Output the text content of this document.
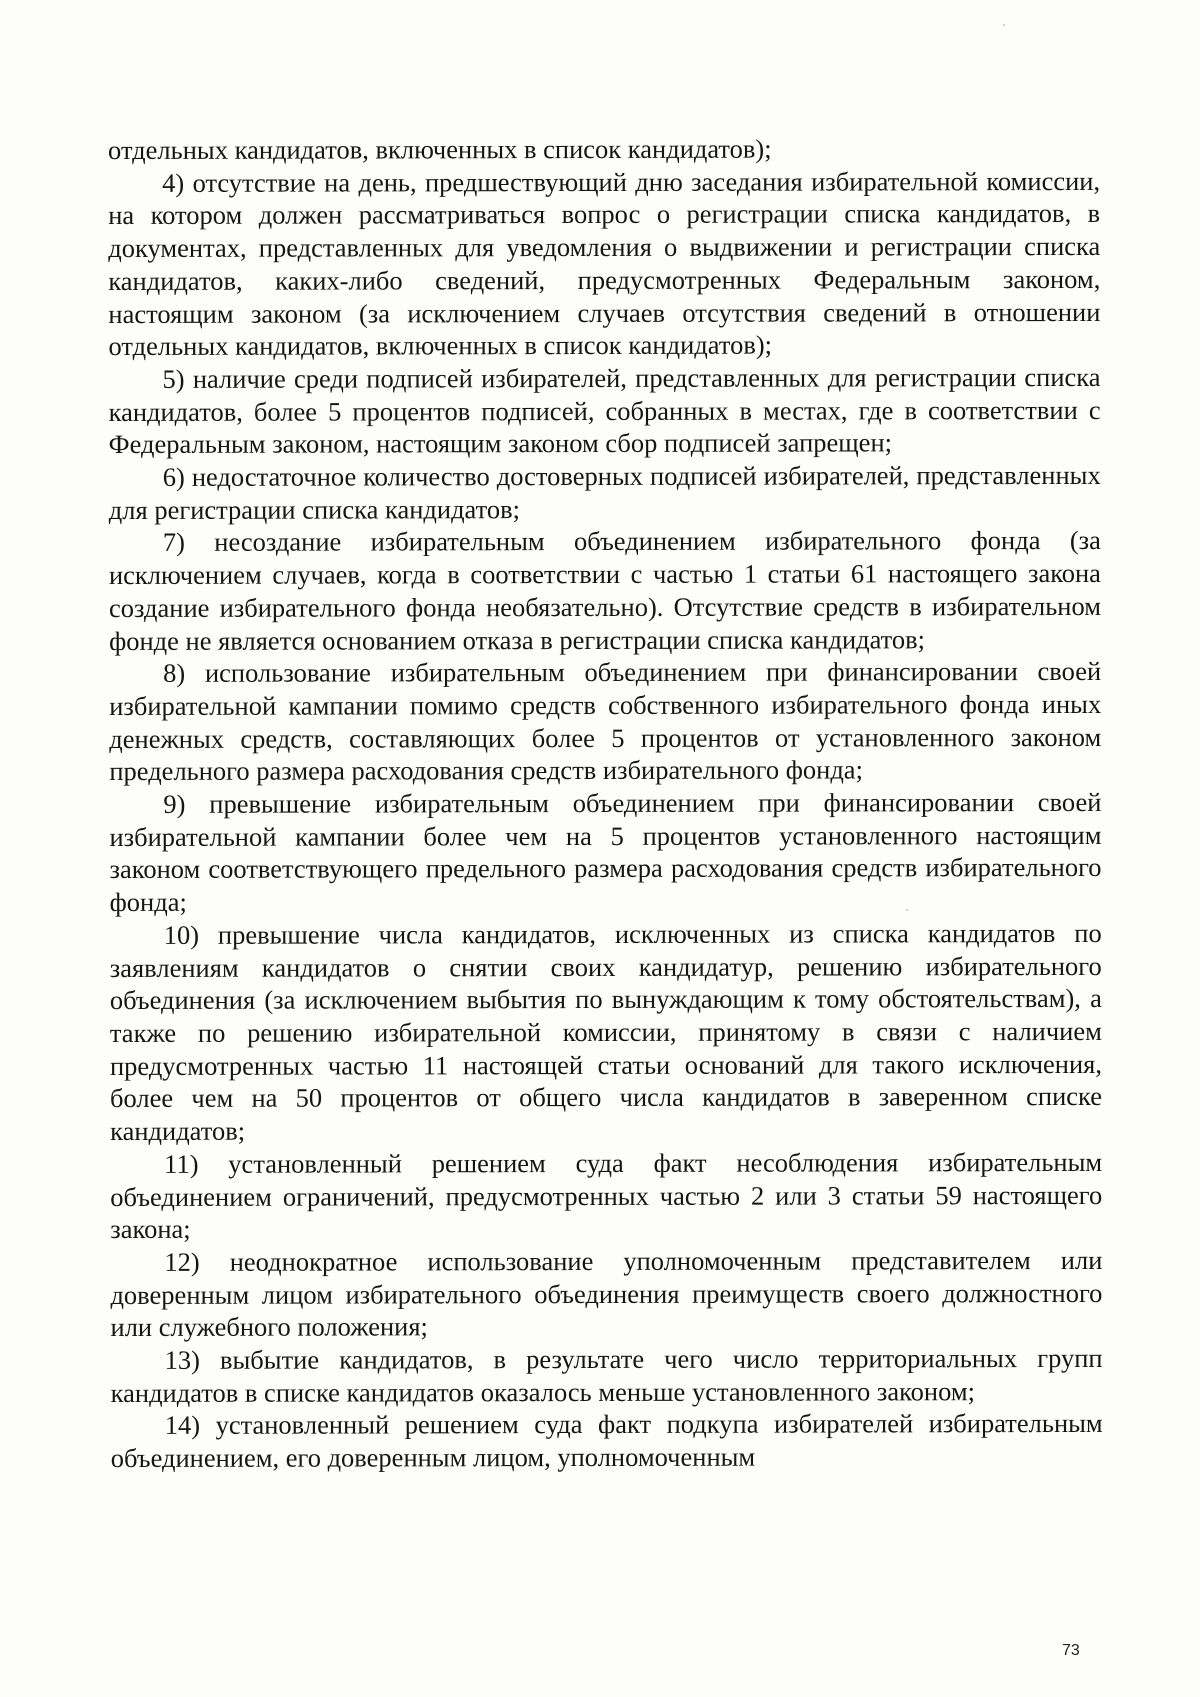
отдельных кандидатов, включенных в список кандидатов);

4) отсутствие на день, предшествующий дню заседания избирательной комиссии, на котором должен рассматриваться вопрос о регистрации списка кандидатов, в документах, представленных для уведомления о выдвижении и регистрации списка кандидатов, каких-либо сведений, предусмотренных Федеральным законом, настоящим законом (за исключением случаев отсутствия сведений в отношении отдельных кандидатов, включенных в список кандидатов);

5) наличие среди подписей избирателей, представленных для регистрации списка кандидатов, более 5 процентов подписей, собранных в местах, где в соответствии с Федеральным законом, настоящим законом сбор подписей запрещен;

6) недостаточное количество достоверных подписей избирателей, представленных для регистрации списка кандидатов;

7) несоздание избирательным объединением избирательного фонда (за исключением случаев, когда в соответствии с частью 1 статьи 61 настоящего закона создание избирательного фонда необязательно). Отсутствие средств в избирательном фонде не является основанием отказа в регистрации списка кандидатов;

8) использование избирательным объединением при финансировании своей избирательной кампании помимо средств собственного избирательного фонда иных денежных средств, составляющих более 5 процентов от установленного законом предельного размера расходования средств избирательного фонда;

9) превышение избирательным объединением при финансировании своей избирательной кампании более чем на 5 процентов установленного настоящим законом соответствующего предельного размера расходования средств избирательного фонда;

10) превышение числа кандидатов, исключенных из списка кандидатов по заявлениям кандидатов о снятии своих кандидатур, решению избирательного объединения (за исключением выбытия по вынуждающим к тому обстоятельствам), а также по решению избирательной комиссии, принятому в связи с наличием предусмотренных частью 11 настоящей статьи оснований для такого исключения, более чем на 50 процентов от общего числа кандидатов в заверенном списке кандидатов;

11) установленный решением суда факт несоблюдения избирательным объединением ограничений, предусмотренных частью 2 или 3 статьи 59 настоящего закона;

12) неоднократное использование уполномоченным представителем или доверенным лицом избирательного объединения преимуществ своего должностного или служебного положения;

13) выбытие кандидатов, в результате чего число территориальных групп кандидатов в списке кандидатов оказалось меньше установленного законом;

14) установленный решением суда факт подкупа избирателей избирательным объединением, его доверенным лицом, уполномоченным

73
